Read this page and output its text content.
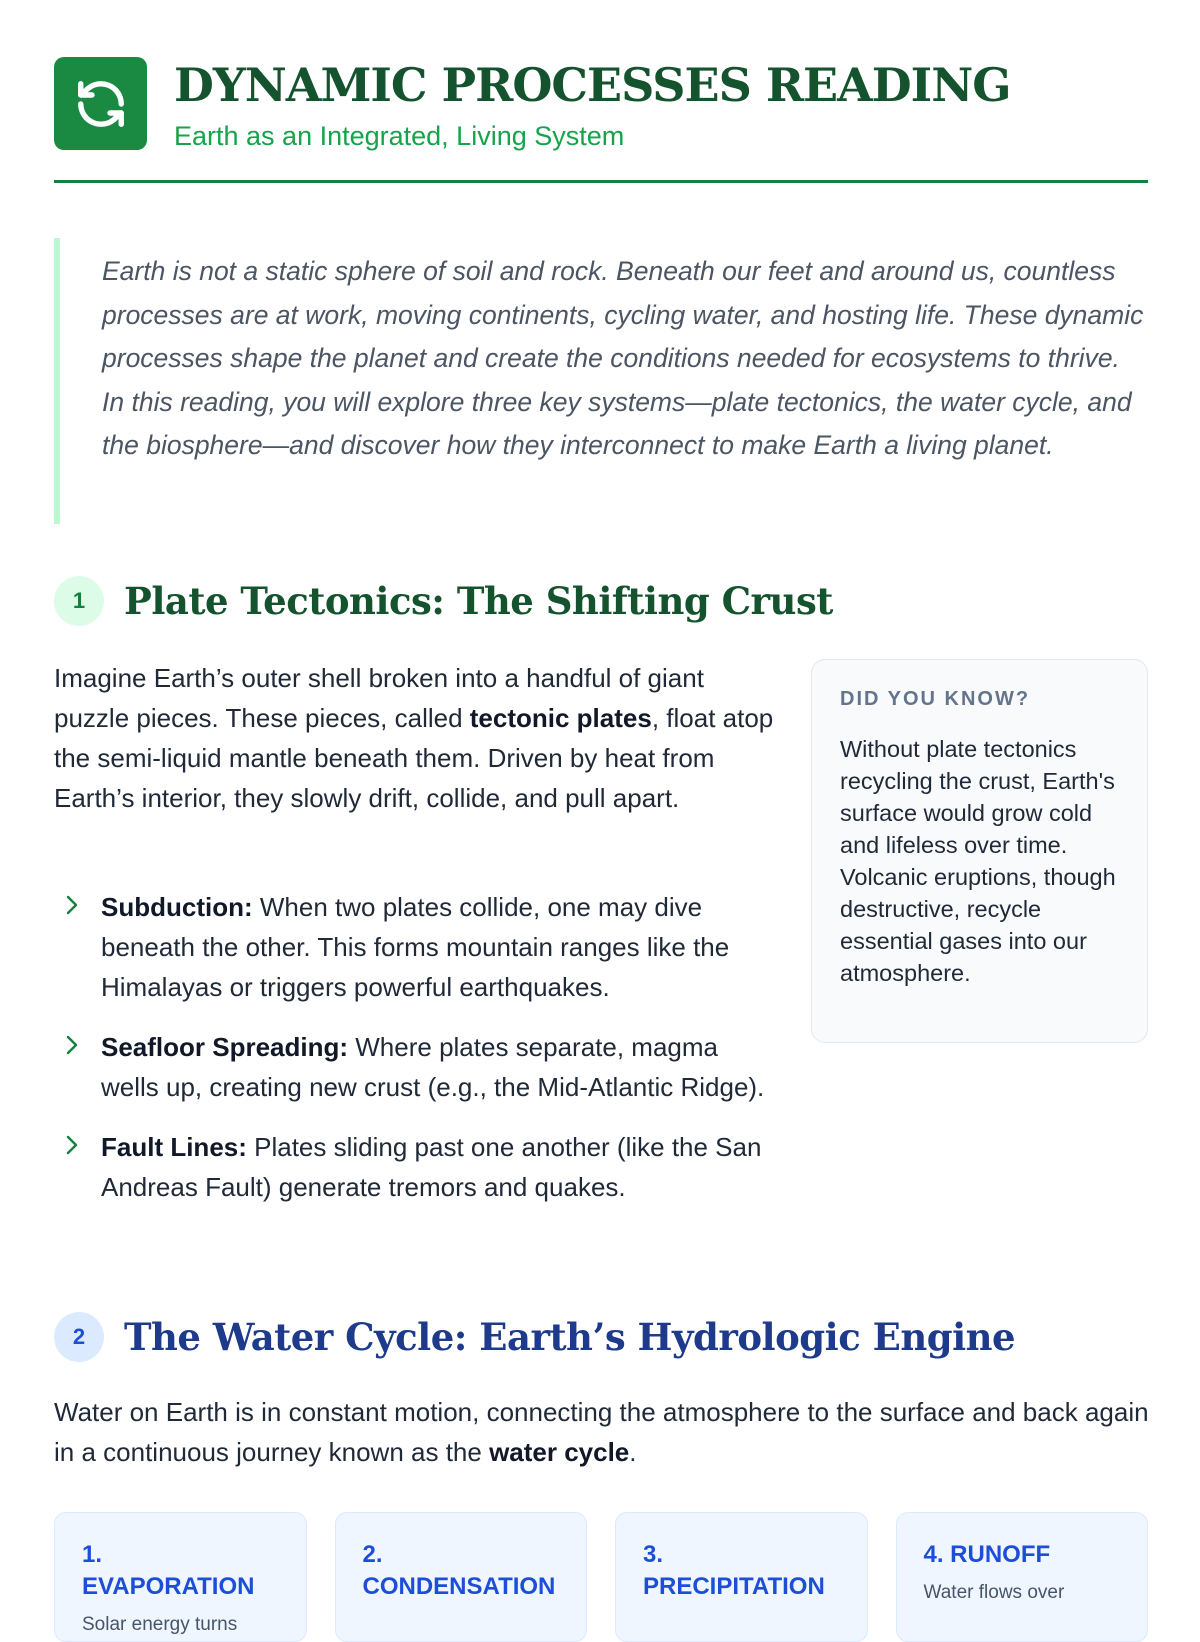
DYNAMIC PROCESSES READING
Earth as an Integrated, Living System

Earth is not a static sphere of soil and rock. Beneath our feet and around us, countless processes are at work, moving continents, cycling water, and hosting life. These dynamic processes shape the planet and create the conditions needed for ecosystems to thrive. In this reading, you will explore three key systems—plate tectonics, the water cycle, and the biosphere—and discover how they interconnect to make Earth a living planet.

1	Plate Tectonics: The Shifting Crust

Imagine Earth’s outer shell broken into a handful of giant puzzle pieces. These pieces, called tectonic plates, float atop the semi-liquid mantle beneath them. Driven by heat from Earth’s interior, they slowly drift, collide, and pull apart.

Subduction: When two plates collide, one may dive beneath the other. This forms mountain ranges like the Himalayas or triggers powerful earthquakes.
Seafloor Spreading: Where plates separate, magma wells up, creating new crust (e.g., the Mid-Atlantic Ridge).
Fault Lines: Plates sliding past one another (like the San Andreas Fault) generate tremors and quakes.
DID YOU KNOW?
Without plate tectonics recycling the crust, Earth's surface would grow cold and lifeless over time. Volcanic eruptions, though destructive, recycle essential gases into our atmosphere.
2	The Water Cycle: Earth’s Hydrologic Engine

Water on Earth is in constant motion, connecting the atmosphere to the surface and back again in a continuous journey known as the water cycle.

1. EVAPORATION
Solar energy turns
2. CONDENSATION
3. PRECIPITATION
4. RUNOFF
Water flows over
